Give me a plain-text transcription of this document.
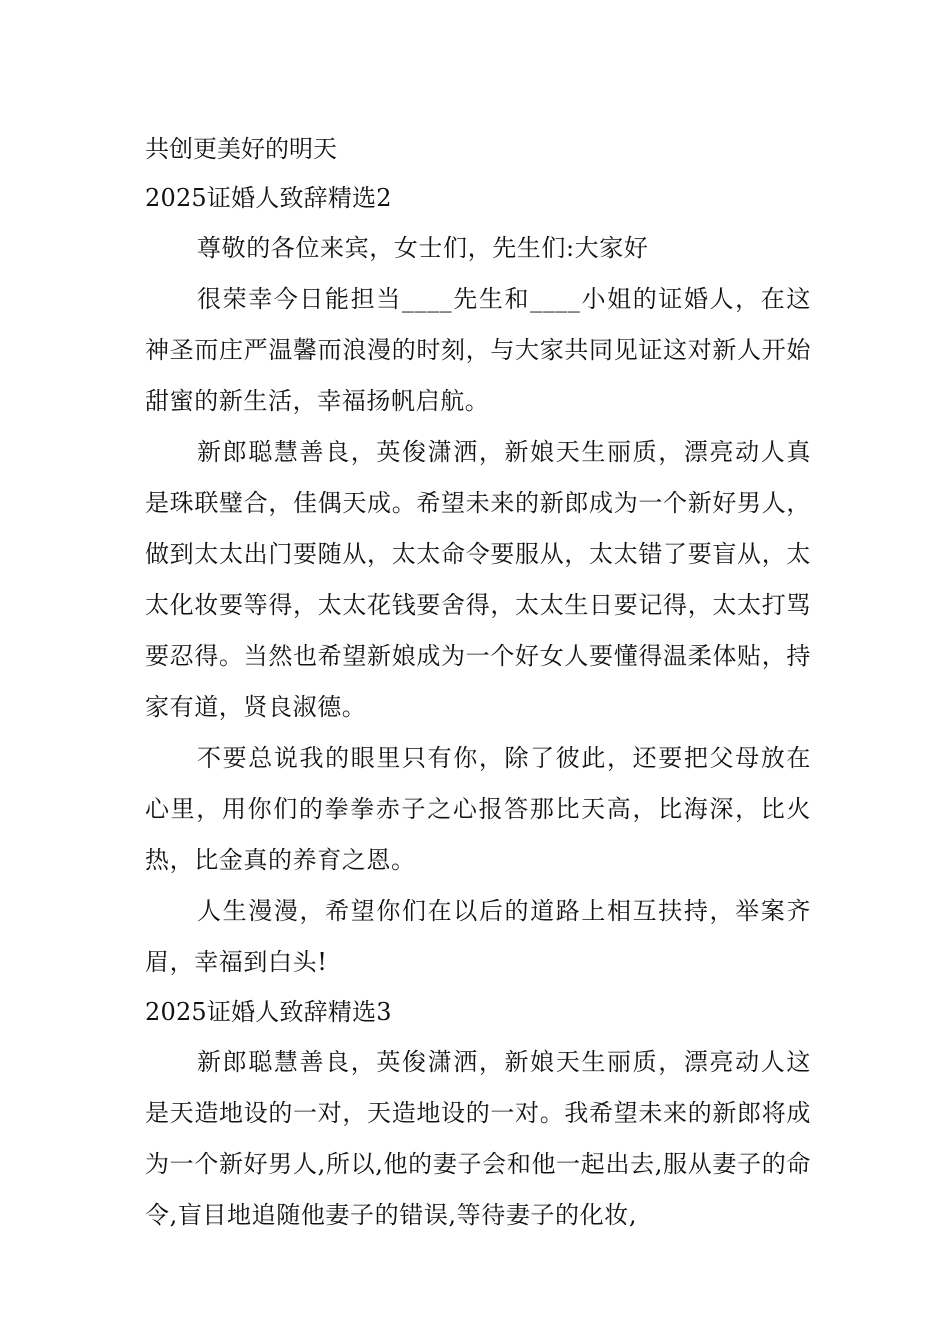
共创更美好的明天

2025证婚人致辞精选2

尊敬的各位来宾，女士们，先生们:大家好

很荣幸今日能担当____先生和____小姐的证婚人，在这神圣而庄严温馨而浪漫的时刻，与大家共同见证这对新人开始甜蜜的新生活，幸福扬帆启航。

新郎聪慧善良，英俊潇洒，新娘天生丽质，漂亮动人真是珠联璧合，佳偶天成。希望未来的新郎成为一个新好男人，做到太太出门要随从，太太命令要服从，太太错了要盲从，太太化妆要等得，太太花钱要舍得，太太生日要记得，太太打骂要忍得。当然也希望新娘成为一个好女人要懂得温柔体贴，持家有道，贤良淑德。

不要总说我的眼里只有你，除了彼此，还要把父母放在心里，用你们的拳拳赤子之心报答那比天高，比海深，比火热，比金真的养育之恩。

人生漫漫，希望你们在以后的道路上相互扶持，举案齐眉，幸福到白头!

2025证婚人致辞精选3

新郎聪慧善良，英俊潇洒，新娘天生丽质，漂亮动人这是天造地设的一对，天造地设的一对。我希望未来的新郎将成为一个新好男人,所以,他的妻子会和他一起出去,服从妻子的命令,盲目地追随他妻子的错误,等待妻子的化妆,
